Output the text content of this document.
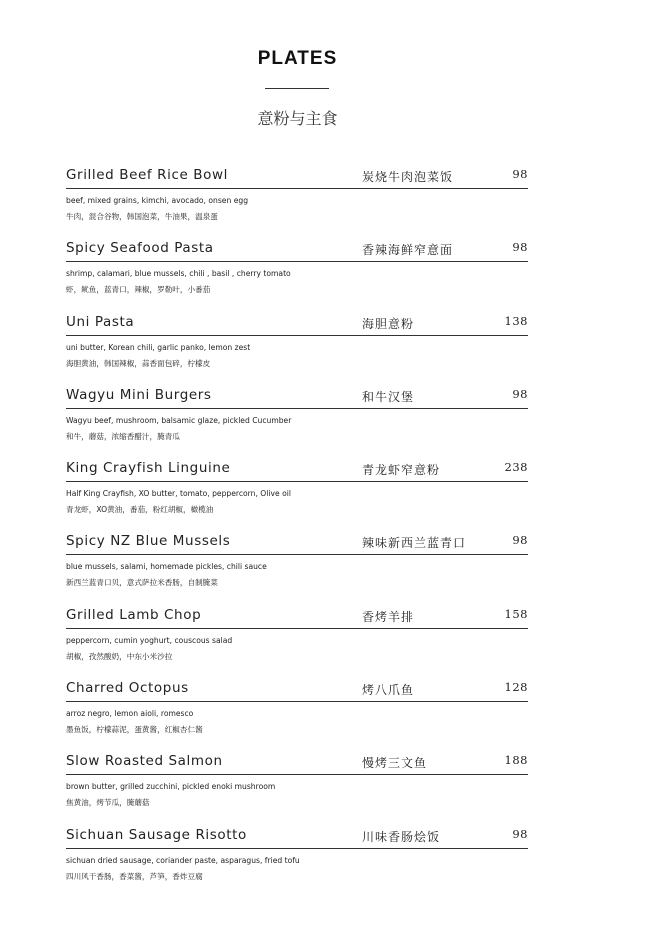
PLATES
意粉与主食
Grilled Beef Rice Bowl	炭烧牛肉泡菜饭	98
beef, mixed grains, kimchi, avocado, onsen egg
牛肉，混合谷物，韩国泡菜，牛油果，温泉蛋
Spicy Seafood Pasta	香辣海鲜窄意面	98
shrimp, calamari, blue mussels, chili , basil , cherry tomato
虾，鱿鱼，蓝青口，辣椒，罗勒叶，小番茄
Uni Pasta	海胆意粉	138
uni butter, Korean chili, garlic panko, lemon zest
海胆黄油，韩国辣椒，蒜香面包碎，柠檬皮
Wagyu Mini Burgers	和牛汉堡	98
Wagyu beef, mushroom, balsamic glaze, pickled Cucumber
和牛，蘑菇，浓缩香醋汁，腌青瓜
King Crayfish Linguine	青龙虾窄意粉	238
Half King Crayfish, XO butter, tomato, peppercorn, Olive oil
青龙虾，XO黄油，番茄，粉红胡椒，橄榄油
Spicy NZ Blue Mussels	辣味新西兰蓝青口	98
blue mussels, salami, homemade pickles, chili sauce
新西兰蓝青口贝，意式萨拉米香肠，自制腌菜
Grilled Lamb Chop	香烤羊排	158
peppercorn, cumin yoghurt, couscous salad
胡椒，孜然酸奶，中东小米沙拉
Charred Octopus	烤八爪鱼	128
arroz negro, lemon aioli, romesco
墨鱼饭，柠檬蒜泥，蛋黄酱，红椒杏仁酱
Slow Roasted Salmon	慢烤三文鱼	188
brown butter, grilled zucchini, pickled enoki mushroom
焦黄油，烤节瓜，腌蘑菇
Sichuan Sausage Risotto	川味香肠烩饭	98
sichuan dried sausage, coriander paste, asparagus, fried tofu
四川风干香肠，香菜酱，芦笋，香炸豆腐
